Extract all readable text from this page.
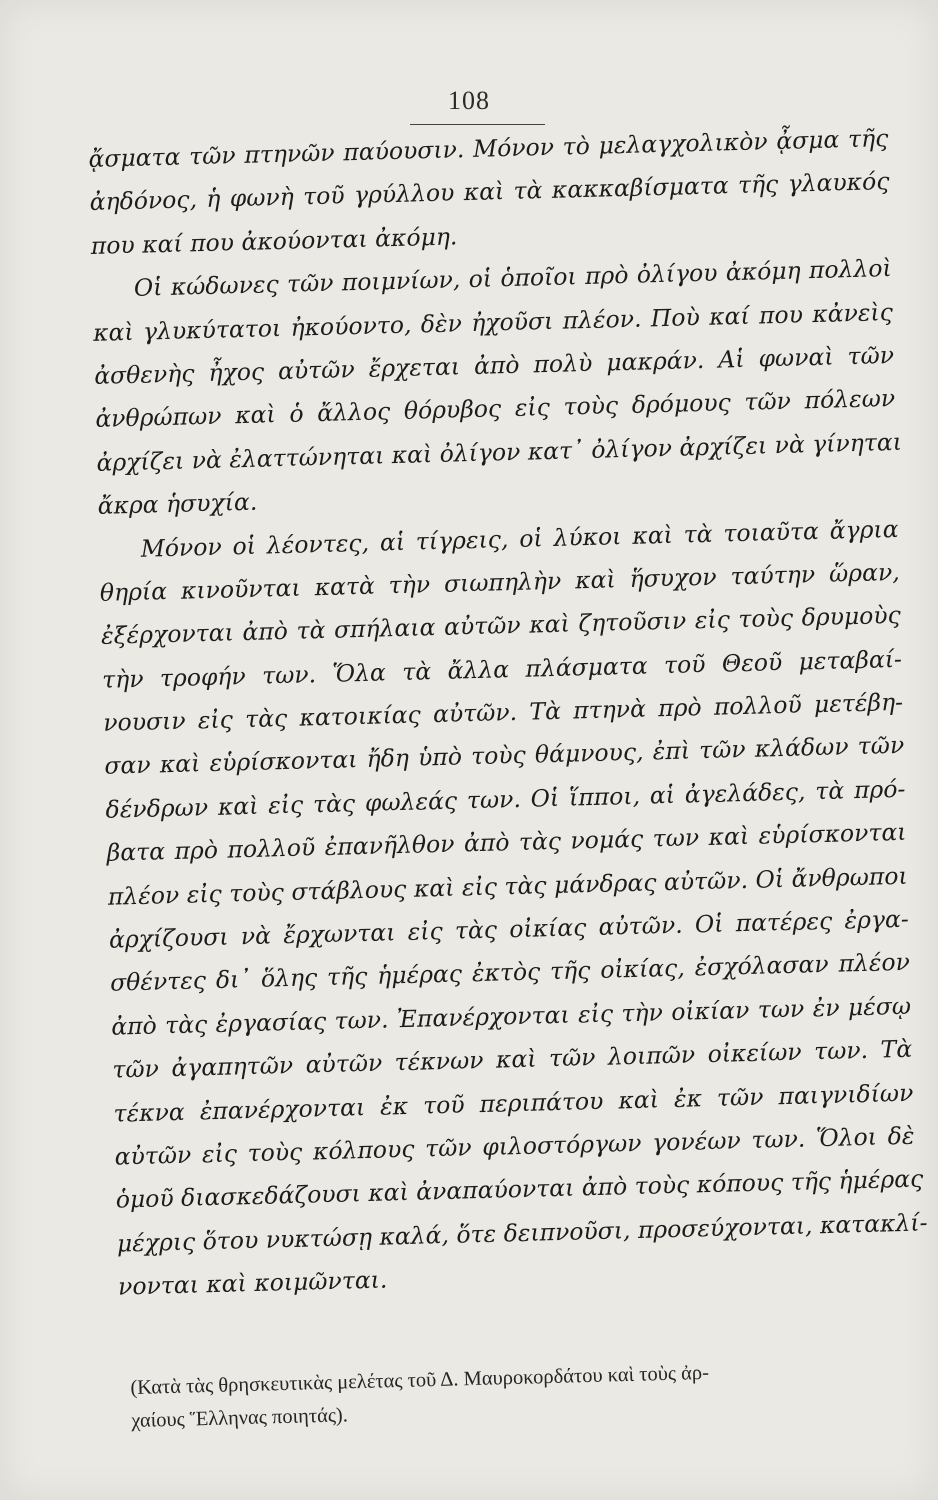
108
ᾄσματα τῶν πτηνῶν παύουσιν. Μόνον τὸ μελαγχολικὸν ᾆσμα τῆς
ἀηδόνος, ἡ φωνὴ τοῦ γρύλλου καὶ τὰ κακκαβίσματα τῆς γλαυκός
που καί που ἀκούονται ἀκόμη.
Οἱ κώδωνες τῶν ποιμνίων, οἱ ὁποῖοι πρὸ ὀλίγου ἀκόμη πολλοὶ
καὶ γλυκύτατοι ἠκούοντο, δὲν ἠχοῦσι πλέον. Ποὺ καί που κἀνεὶς
ἀσθενὴς ἦχος αὐτῶν ἔρχεται ἀπὸ πολὺ μακράν. Αἱ φωναὶ τῶν
ἀνθρώπων καὶ ὁ ἄλλος θόρυβος εἰς τοὺς δρόμους τῶν πόλεων
ἀρχίζει νὰ ἐλαττώνηται καὶ ὀλίγον κατ᾽ ὀλίγον ἀρχίζει νὰ γίνηται
ἄκρα ἡσυχία.
Μόνον οἱ λέοντες, αἱ τίγρεις, οἱ λύκοι καὶ τὰ τοιαῦτα ἄγρια
θηρία κινοῦνται κατὰ τὴν σιωπηλὴν καὶ ἥσυχον ταύτην ὥραν,
ἐξέρχονται ἀπὸ τὰ σπήλαια αὐτῶν καὶ ζητοῦσιν εἰς τοὺς δρυμοὺς
τὴν τροφήν των. Ὅλα τὰ ἄλλα πλάσματα τοῦ Θεοῦ μεταβαί-
νουσιν εἰς τὰς κατοικίας αὐτῶν. Τὰ πτηνὰ πρὸ πολλοῦ μετέβη-
σαν καὶ εὑρίσκονται ἤδη ὑπὸ τοὺς θάμνους, ἐπὶ τῶν κλάδων τῶν
δένδρων καὶ εἰς τὰς φωλεάς των. Οἱ ἵπποι, αἱ ἀγελάδες, τὰ πρό-
βατα πρὸ πολλοῦ ἐπανῆλθον ἀπὸ τὰς νομάς των καὶ εὑρίσκονται
πλέον εἰς τοὺς στάβλους καὶ εἰς τὰς μάνδρας αὐτῶν. Οἱ ἄνθρωποι
ἀρχίζουσι νὰ ἔρχωνται εἰς τὰς οἰκίας αὐτῶν. Οἱ πατέρες ἐργα-
σθέντες δι᾽ ὅλης τῆς ἡμέρας ἐκτὸς τῆς οἰκίας, ἐσχόλασαν πλέον
ἀπὸ τὰς ἐργασίας των. Ἐπανέρχονται εἰς τὴν οἰκίαν των ἐν μέσῳ
τῶν ἀγαπητῶν αὐτῶν τέκνων καὶ τῶν λοιπῶν οἰκείων των. Τὰ
τέκνα ἐπανέρχονται ἐκ τοῦ περιπάτου καὶ ἐκ τῶν παιγνιδίων
αὐτῶν εἰς τοὺς κόλπους τῶν φιλοστόργων γονέων των. Ὅλοι δὲ
ὁμοῦ διασκεδάζουσι καὶ ἀναπαύονται ἀπὸ τοὺς κόπους τῆς ἡμέρας
μέχρις ὅτου νυκτώσῃ καλά, ὅτε δειπνοῦσι, προσεύχονται, κατακλί-
νονται καὶ κοιμῶνται.
(Κατὰ τὰς θρησκευτικὰς μελέτας τοῦ Δ. Μαυροκορδάτου καὶ τοὺς ἀρ-
χαίους Ἕλληνας ποιητάς).
